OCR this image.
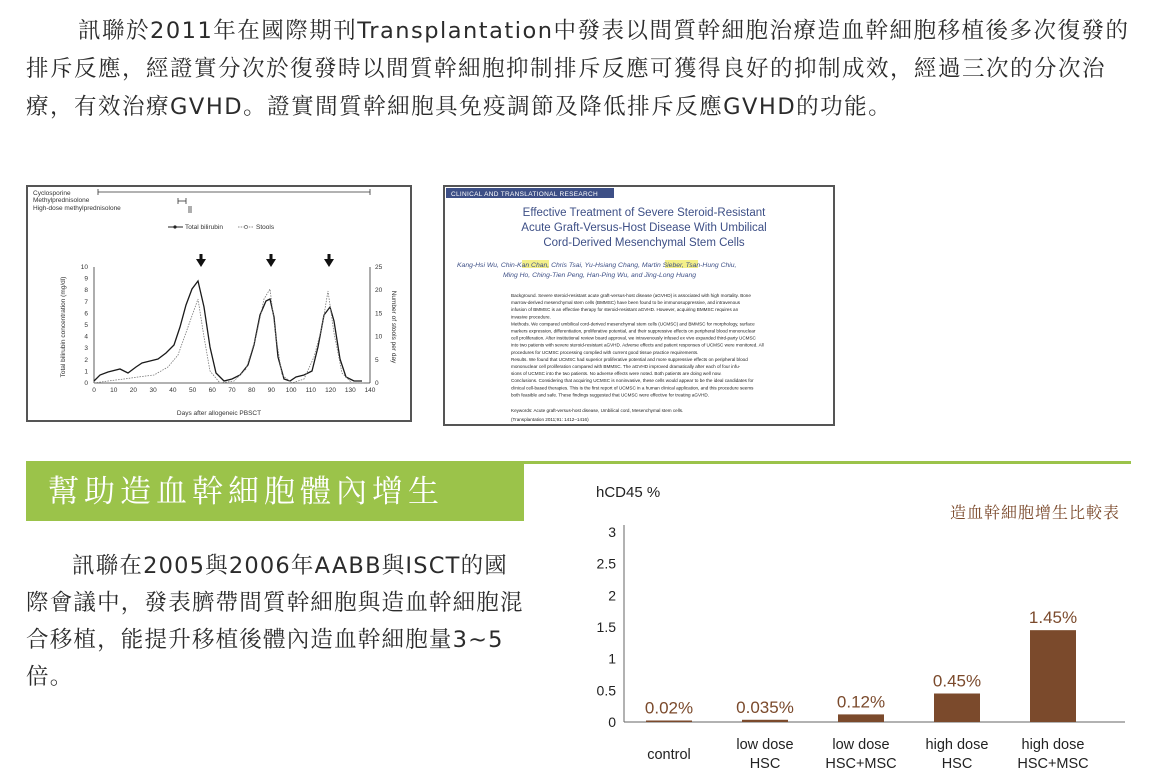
訊聯於2011年在國際期刊Transplantation中發表以間質幹細胞治療造血幹細胞移植後多次復發的排斥反應，經證實分次於復發時以間質幹細胞抑制排斥反應可獲得良好的抑制成效，經過三次的分次治療，有效治療GVHD。證實間質幹細胞具免疫調節及降低排斥反應GVHD的功能。

Cyclosporine
Methylprednisolone
High-dose methylprednisolone
Total bilirubin	Stools
0
1
2
3
4
5
6
7
8
9
10
0
5
10
15
20
25
0 10 20 30 40 50 60 70 80 90 100 110 120 130 140
Total bilirubin concentration (mg/dl)	Number of stools per day
Days after allogeneic PBSCT
CLINICAL AND TRANSLATIONAL RESEARCH
Effective Treatment of Severe Steroid-Resistant
Acute Graft-Versus-Host Disease With Umbilical
Cord-Derived Mesenchymal Stem Cells
Kang-Hsi Wu, Chin-Kan Chan, Chris Tsai, Yu-Hsiang Chang, Martin Sieber, Tsan-Hung Chiu,
Ming Ho, Ching-Tien Peng, Han-Ping Wu, and Jing-Long Huang
Background. Severe steroid-resistant acute graft-versus-host disease (aGVHD) is associated with high mortality. Bone
marrow-derived mesenchymal stem cells (BMMSC) have been found to be immunosuppressive, and intravenous
infusion of BMMSC is an effective therapy for steroid-resistant aGVHD. However, acquiring BMMSC requires an
invasive procedure.
Methods. We compared umbilical cord-derived mesenchymal stem cells (UCMSC) and BMMSC for morphology, surface
markers expression, differentiation, proliferative potential, and their suppressive effects on peripheral blood mononuclear
cell proliferation. After institutional review board approval, we intravenously infused ex vivo expanded third-party UCMSC
into two patients with severe steroid-resistant aGVHD. Adverse effects and patient responses of UCMSC were monitored. All
procedures for UCMSC processing complied with current good tissue practice requirements.
Results. We found that UCMSC had superior proliferative potential and more suppressive effects on peripheral blood
mononuclear cell proliferation compared with BMMSC. The aGVHD improved dramatically after each of four infu-
sions of UCMSC into the two patients. No adverse effects were noted. Both patients are doing well now.
Conclusions. Considering that acquiring UCMSC is noninvasive, these cells would appear to be the ideal candidates for
clinical cell-based therapies. This is the first report of UCMSC in a human clinical application, and this procedure seems
both feasible and safe. These findings suggested that UCMSC were effective for treating aGVHD.
Keywords: Acute graft-versus-host disease, Umbilical cord, Mesenchymal stem cells.
(Transplantation 2011;91: 1412–1416)
幫助造血幹細胞體內增生

訊聯在2005與2006年AABB與ISCT的國際會議中，發表臍帶間質幹細胞與造血幹細胞混合移植，能提升移植後體內造血幹細胞量3~5倍。

hCD45 %
造血幹細胞增生比較表
0
0.5
1
1.5
2
2.5
3
0.02%	0.035%	0.12%
0.45%
1.45%
control
low dose
HSC
low dose
HSC+MSC
high dose
HSC
high dose
HSC+MSC
